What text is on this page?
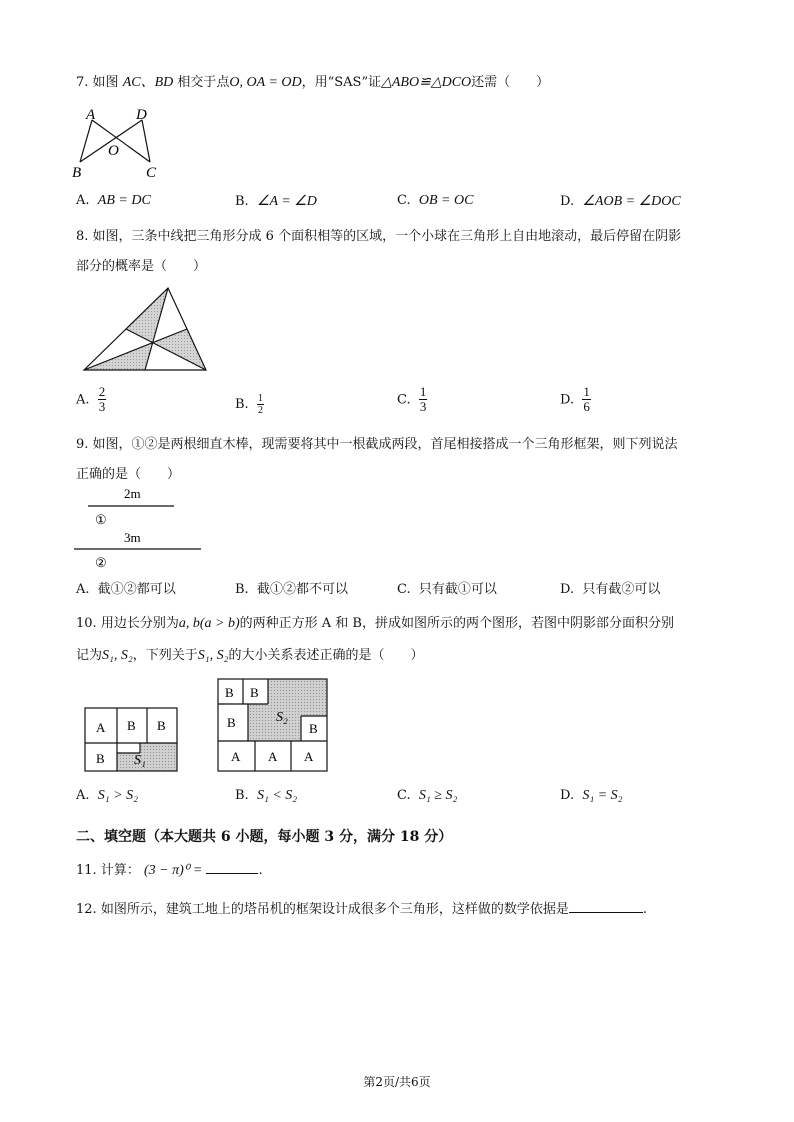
7. 如图 AC、BD 相交于点O, OA = OD，用“SAS”证△ABO≌△DCO还需（　　）
A	D
O
B	C
A. AB = DC	B. ∠A = ∠D	C. OB = OC	D. ∠AOB = ∠DOC
8. 如图，三条中线把三角形分成 6 个面积相等的区域，一个小球在三角形上自由地滚动，最后停留在阴影
部分的概率是（　　）
A. $\frac{2}{3}$	B. $\frac{1}{2}$	C. $\frac{1}{3}$	D. $\frac{1}{6}$
9. 如图，①②是两根细直木棒，现需要将其中一根截成两段，首尾相接搭成一个三角形框架，则下列说法
正确的是（　　）
2m
①
3m
②
A. 截①②都可以	B. 截①②都不可以	C. 只有截①可以	D. 只有截②可以
10. 用边长分别为a, b(a > b)的两种正方形 A 和 B，拼成如图所示的两个图形，若图中阴影部分面积分别
记为S₁, S₂，下列关于S₁, S₂的大小关系表述正确的是（　　）
A B B
B S₁
B B
B	B
S₂
A A A
A. S₁ > S₂	B. S₁ < S₂	C. S₁ ≥ S₂	D. S₁ = S₂
二、填空题（本大题共 6 小题，每小题 3 分，满分 18 分）
11. 计算： (3 − π)⁰ =	.
12. 如图所示，建筑工地上的塔吊机的框架设计成很多个三角形，这样做的数学依据是	.
第2页/共6页
